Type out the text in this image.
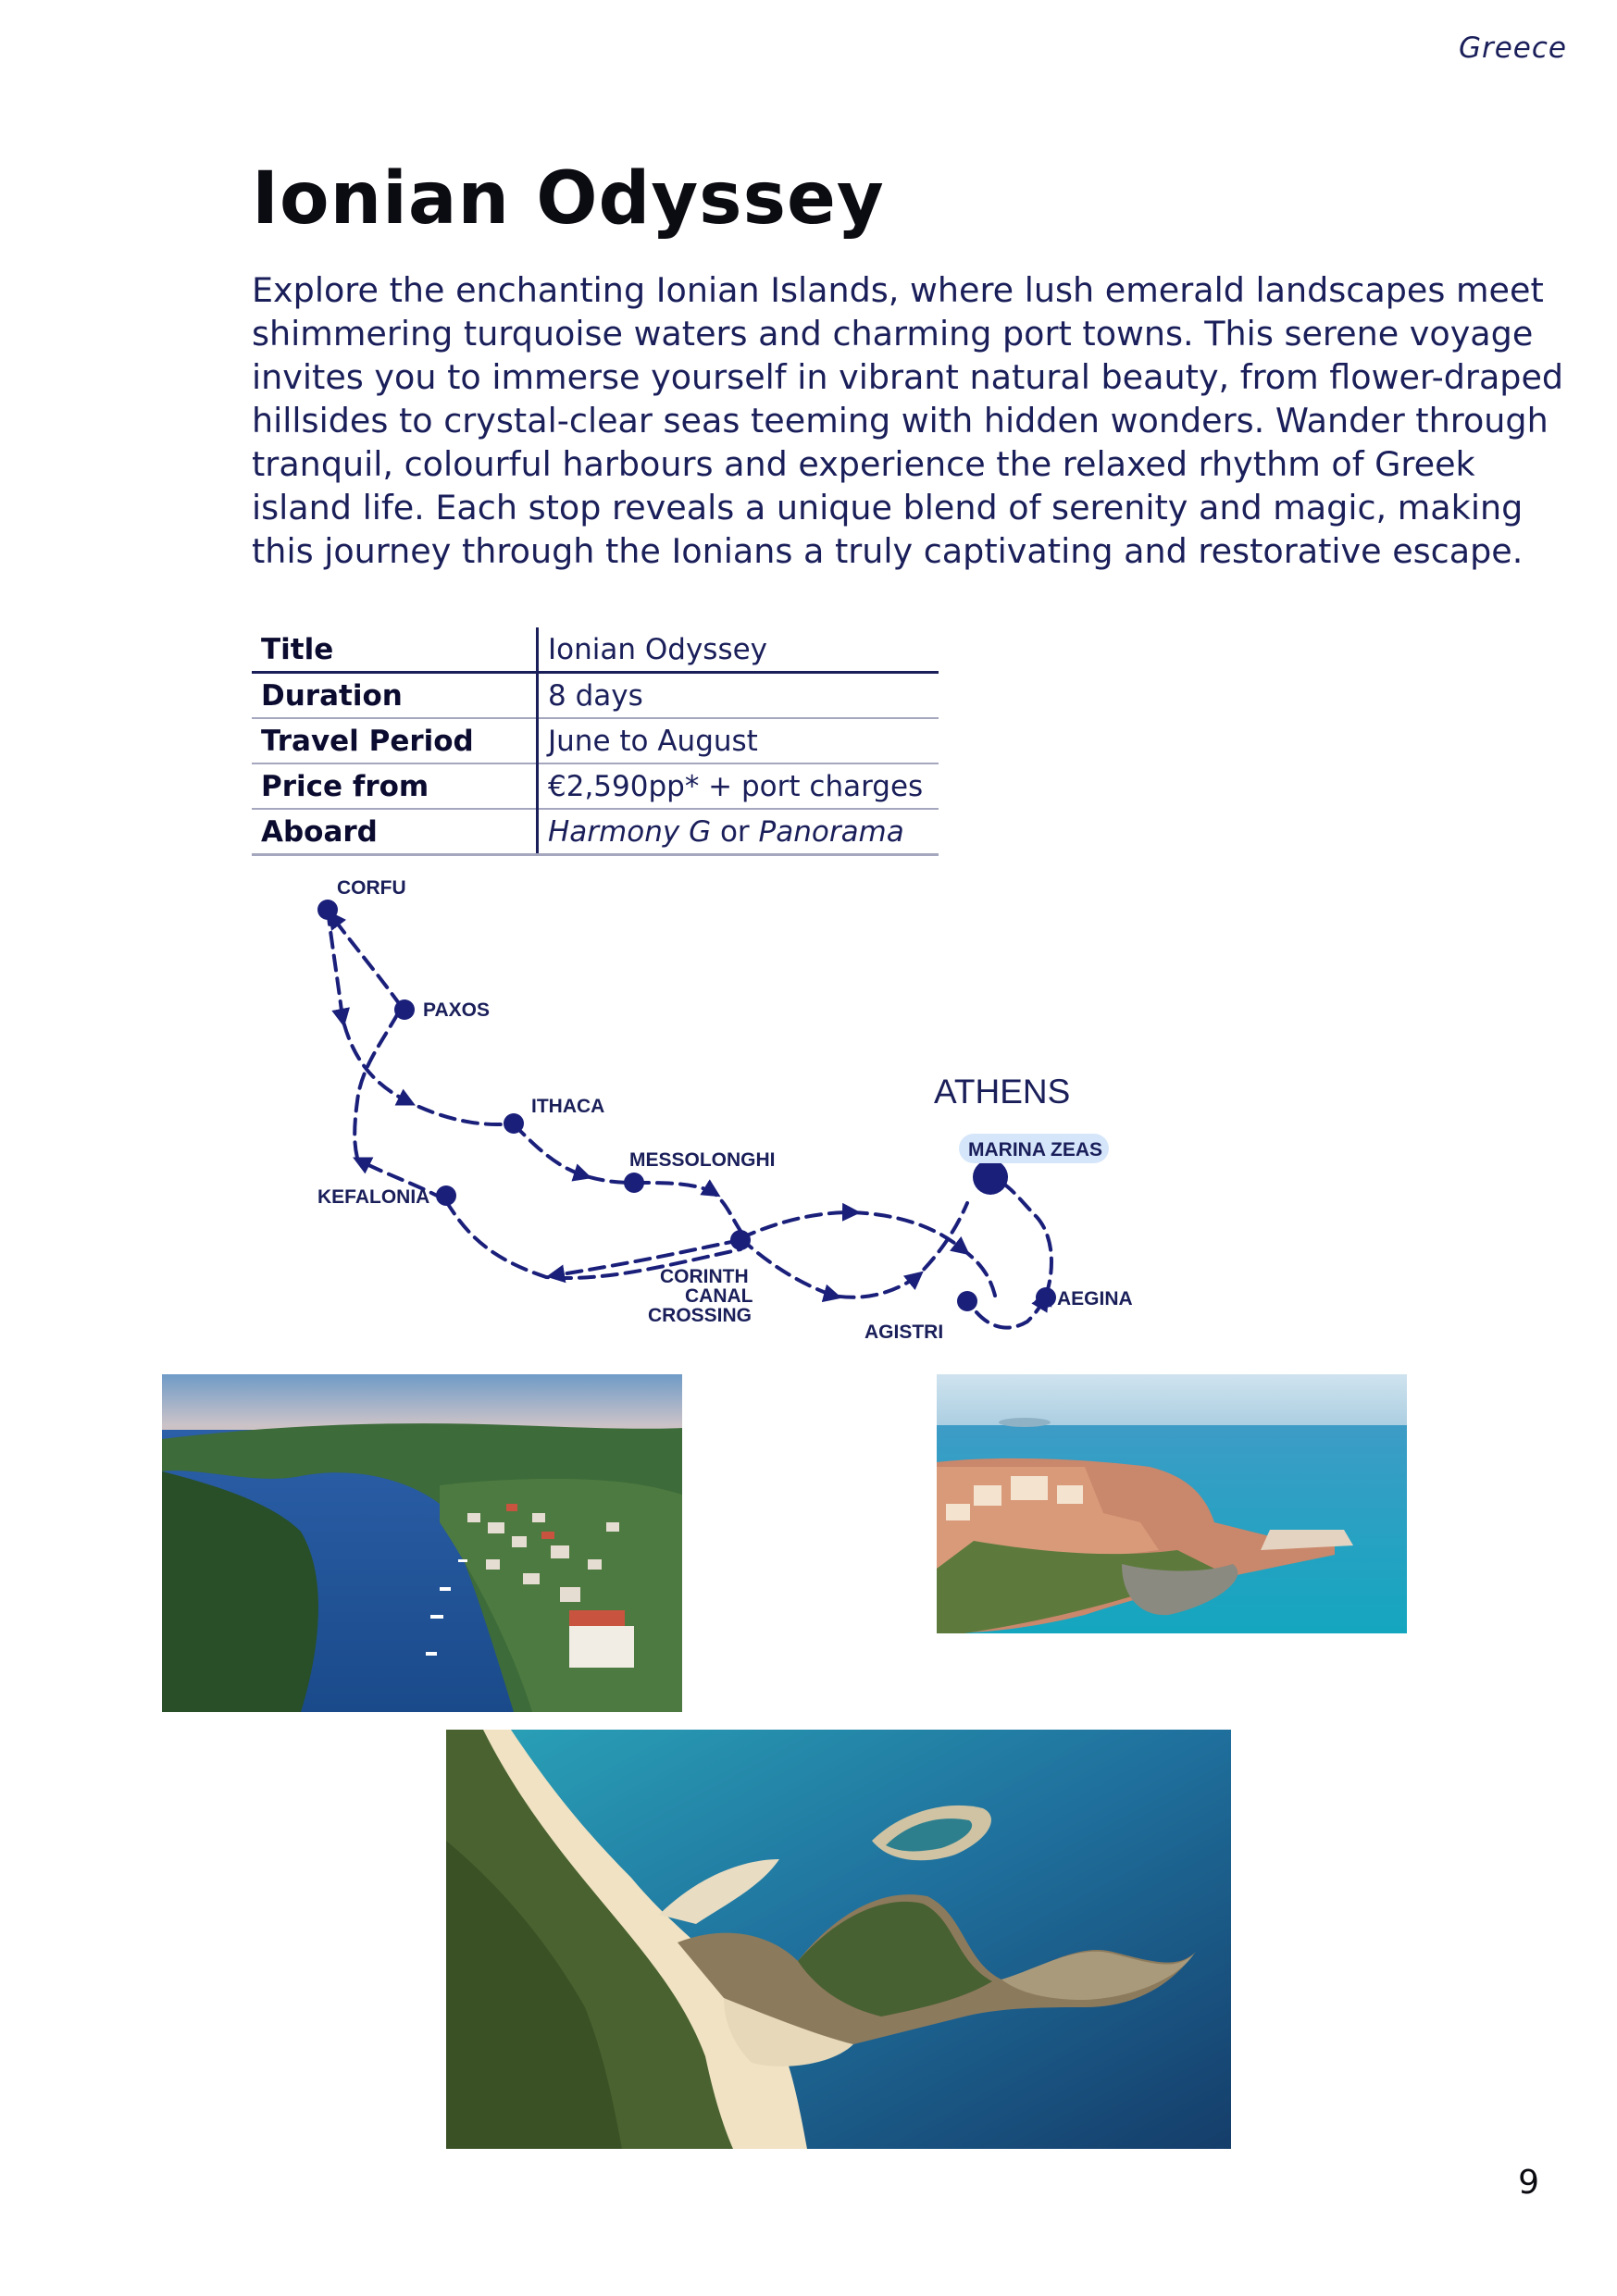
Greece
Ionian Odyssey

Explore the enchanting Ionian Islands, where lush emerald landscapes meet shimmering turquoise waters and charming port towns. This serene voyage invites you to immerse yourself in vibrant natural beauty, from flower-draped hillsides to crystal-clear seas teeming with hidden wonders. Wander through tranquil, colourful harbours and experience the relaxed rhythm of Greek island life. Each stop reveals a unique blend of serenity and magic, making this journey through the Ionians a truly captivating and restorative escape.

Title	Ionian Odyssey
Duration	8 days
Travel Period	June to August
Price from	€2,590pp* + port charges
Aboard	Harmony G or Panorama
CORFU
PAXOS
ITHACA
MESSOLONGHI
KEFALONIA
CORINTH
CANAL
CROSSING
AGISTRI
AEGINA
MARINA ZEAS
ATHENS
9
